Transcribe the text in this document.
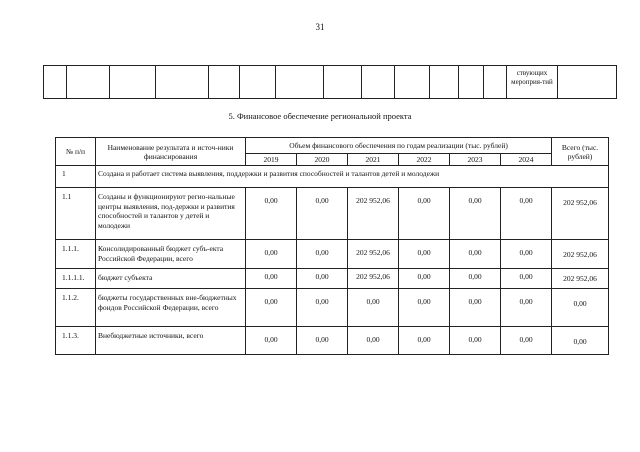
31
													ствующих мероприя-тий	
5. Финансовое обеспечение региональной проекта
№ п/п	Наименование результата и источ-ники финансирования	Объем финансового обеспечения по годам реализации (тыс. рублей)						Всего (тыс. рублей)
		2019	2020	2021	2022	2023	2024	
1	Создана и работает система выявления, поддержки и развития способностей и талантов детей и молодежи							
1.1	Созданы и функционируют регио-нальные центры выявления, под-держки и развития способностей и талантов у детей и молодежи	0,00	0,00	202 952,06	0,00	0,00	0,00	202 952,06
1.1.1.	Консолидированный бюджет субъ-екта Российской Федерации, всего	0,00	0,00	202 952,06	0,00	0,00	0,00	202 952,06
1.1.1.1.	бюджет субъекта	0,00	0,00	202 952,06	0,00	0,00	0,00	202 952,06
1.1.2.	бюджеты государственных вне-бюджетных фондов Российской Федерации, всего	0,00	0,00	0,00	0,00	0,00	0,00	0,00
1.1.3.	Внебюджетные источники, всего	0,00	0,00	0,00	0,00	0,00	0,00	0,00
